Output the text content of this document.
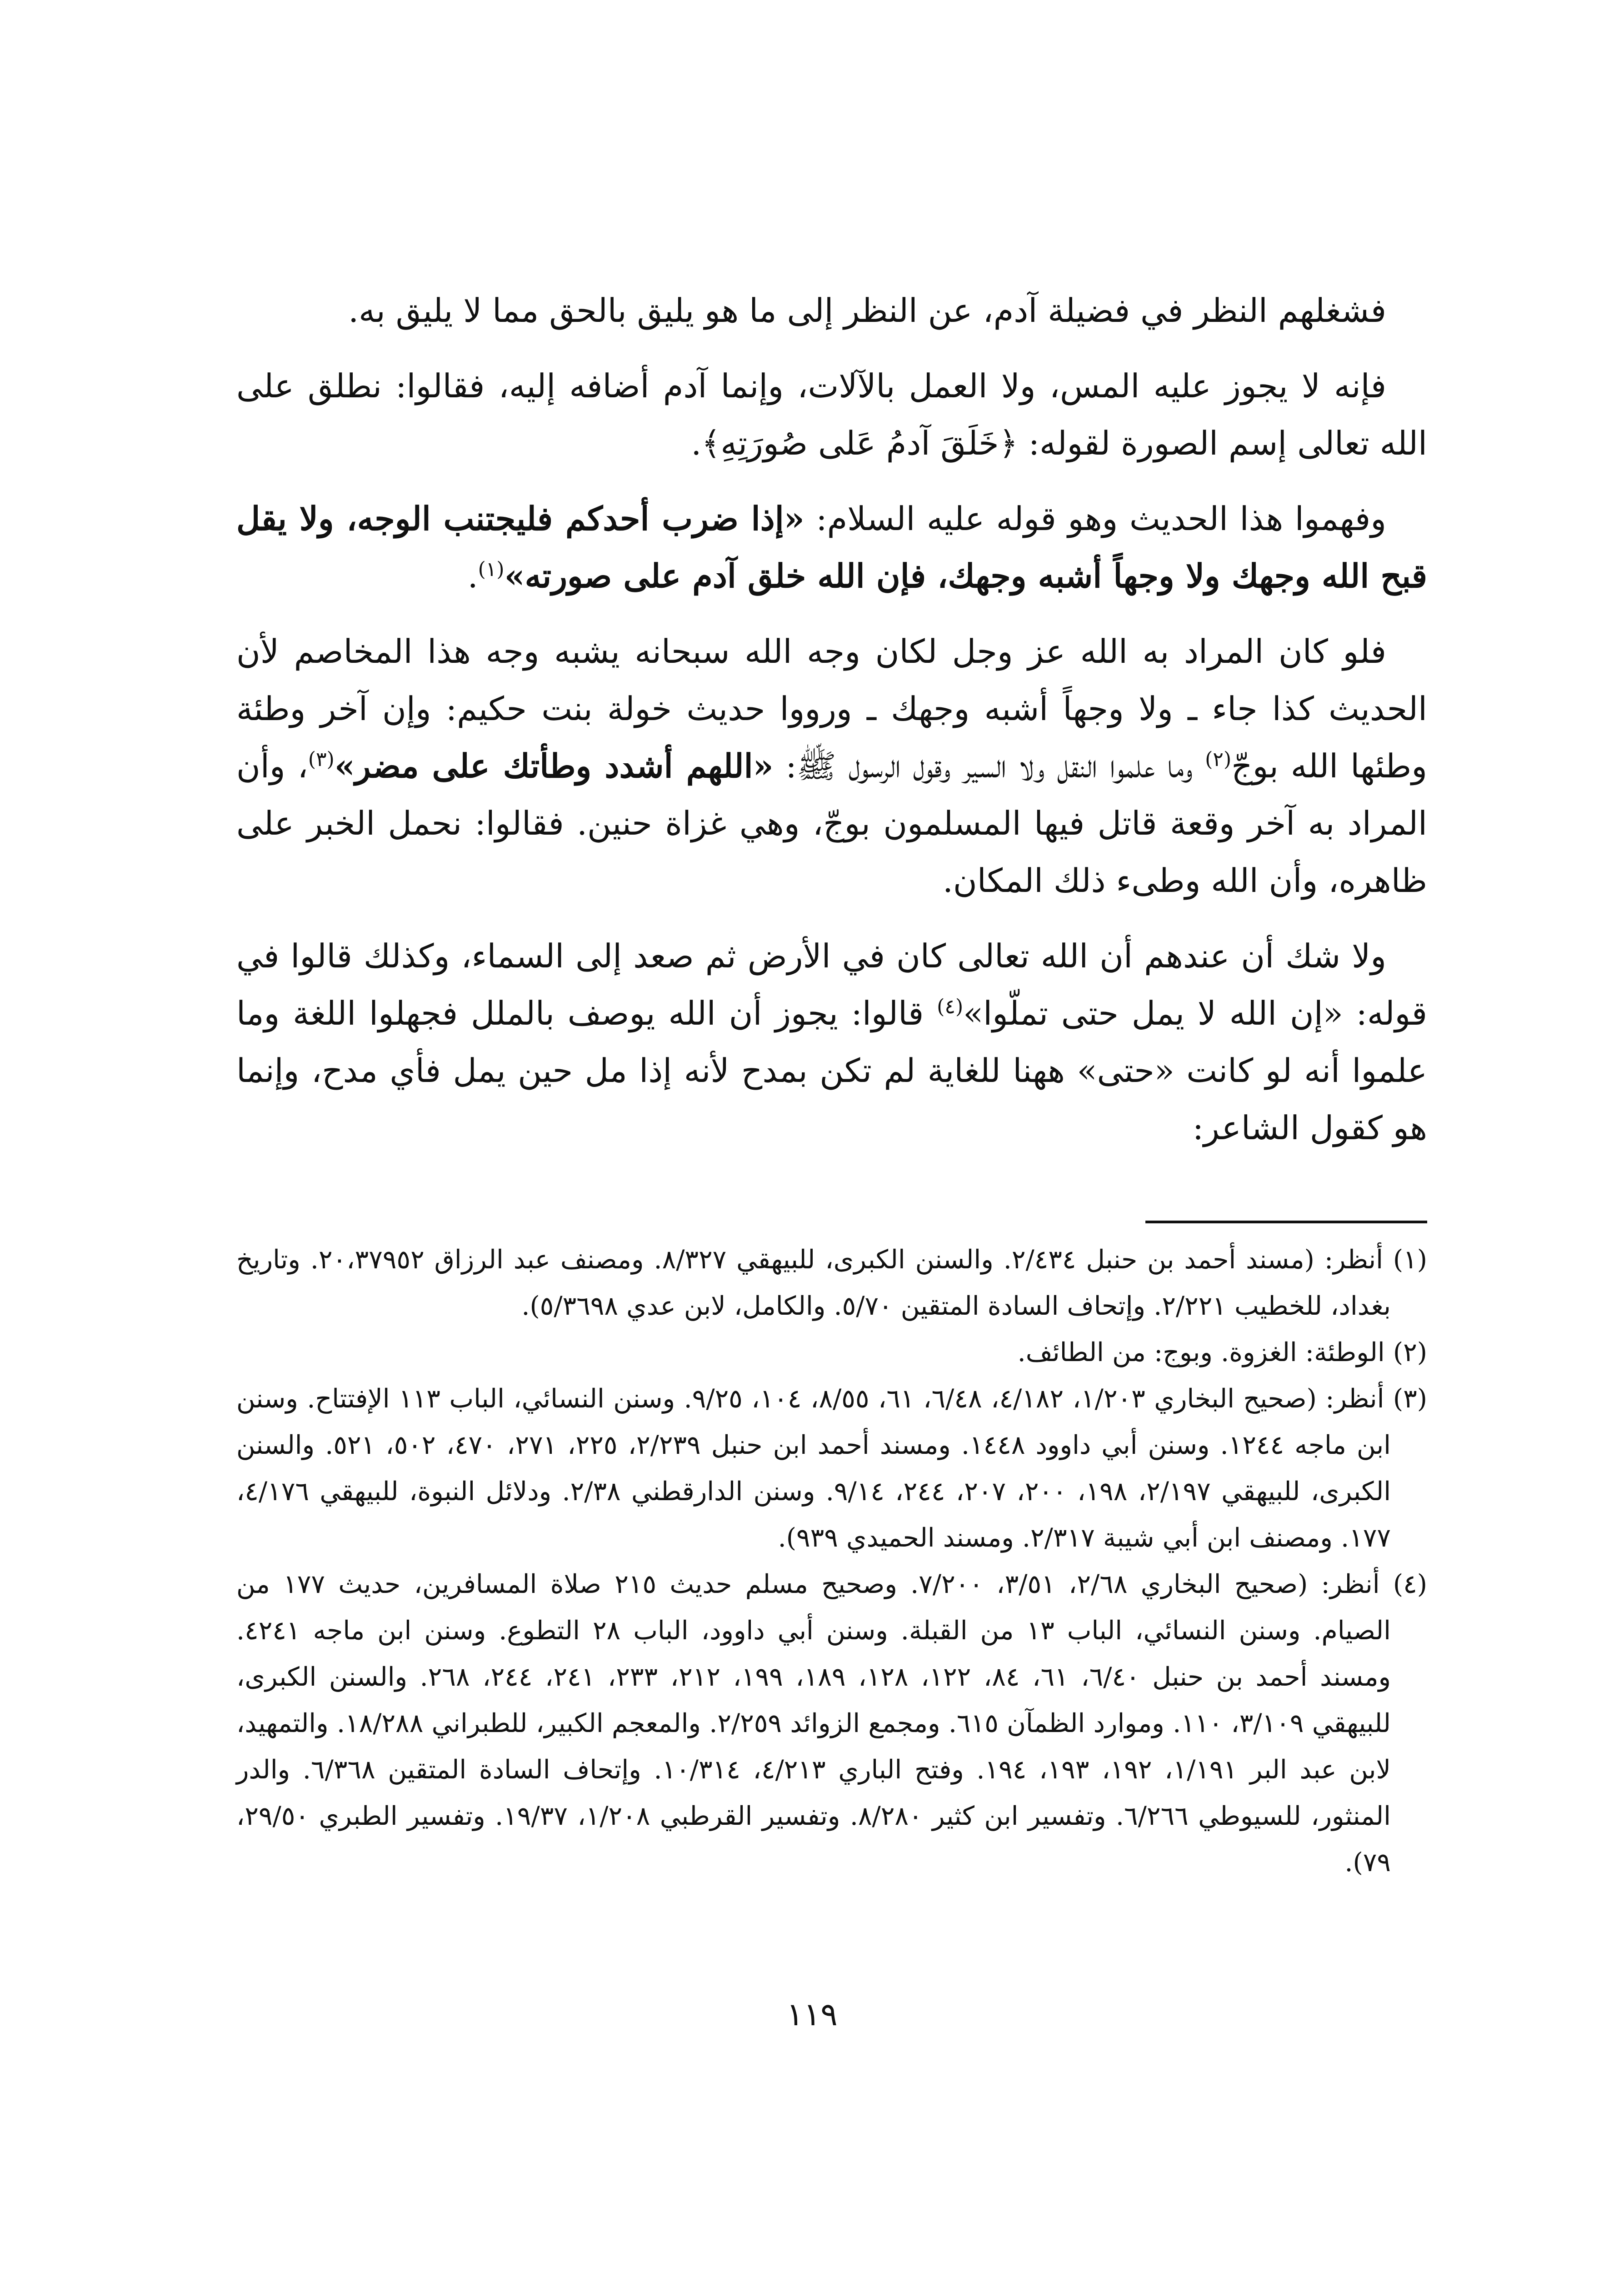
فشغلهم النظر في فضيلة آدم، عن النظر إلى ما هو يليق بالحق مما لا يليق به.

فإنه لا يجوز عليه المس، ولا العمل بالآلات، وإنما آدم أضافه إليه، فقالوا: نطلق على الله تعالى إسم الصورة لقوله: ﴿خَلَقَ آدمُ عَلى صُورَتِهِ﴾.

وفهموا هذا الحديث وهو قوله عليه السلام: «إذا ضرب أحدكم فليجتنب الوجه، ولا يقل قبح الله وجهك ولا وجهاً أشبه وجهك، فإن الله خلق آدم على صورته»$^{(١)}$.

فلو كان المراد به الله عز وجل لكان وجه الله سبحانه يشبه وجه هذا المخاصم لأن الحديث كذا جاء ـ ولا وجهاً أشبه وجهك ـ ورووا حديث خولة بنت حكيم: وإن آخر وطئة وطئها الله بوجّ$^{(٢)}$ وما علموا النقل ولا السير وقول الرسول ﷺ: «اللهم أشدد وطأتك على مضر»$^{(٣)}$، وأن المراد به آخر وقعة قاتل فيها المسلمون بوجّ، وهي غزاة حنين. فقالوا: نحمل الخبر على ظاهره، وأن الله وطىء ذلك المكان.

ولا شك أن عندهم أن الله تعالى كان في الأرض ثم صعد إلى السماء، وكذلك قالوا في قوله: «إن الله لا يمل حتى تملّوا»$^{(٤)}$ قالوا: يجوز أن الله يوصف بالملل فجهلوا اللغة وما علموا أنه لو كانت «حتى» ههنا للغاية لم تكن بمدح لأنه إذا مل حين يمل فأي مدح، وإنما هو كقول الشاعر:

(١) أنظر: (مسند أحمد بن حنبل ٢/٤٣٤. والسنن الكبرى، للبيهقي ٨/٣٢٧. ومصنف عبد الرزاق ٢٠،٣٧٩٥٢. وتاريخ بغداد، للخطيب ٢/٢٢١. وإتحاف السادة المتقين ٥/٧٠. والكامل، لابن عدي ٥/٣٦٩٨).

(٢) الوطئة: الغزوة. وبوج: من الطائف.

(٣) أنظر: (صحيح البخاري ١/٢٠٣، ٤/١٨٢، ٦/٤٨، ٦١، ٨/٥٥، ١٠٤، ٩/٢٥. وسنن النسائي، الباب ١١٣ الإفتتاح. وسنن ابن ماجه ١٢٤٤. وسنن أبي داوود ١٤٤٨. ومسند أحمد ابن حنبل ٢/٢٣٩، ٢٢٥، ٢٧١، ٤٧٠، ٥٠٢، ٥٢١. والسنن الكبرى، للبيهقي ٢/١٩٧، ١٩٨، ٢٠٠، ٢٠٧، ٢٤٤، ٩/١٤. وسنن الدارقطني ٢/٣٨. ودلائل النبوة، للبيهقي ٤/١٧٦، ١٧٧. ومصنف ابن أبي شيبة ٢/٣١٧. ومسند الحميدي ٩٣٩).

(٤) أنظر: (صحيح البخاري ٢/٦٨، ٣/٥١، ٧/٢٠٠. وصحيح مسلم حديث ٢١٥ صلاة المسافرين، حديث ١٧٧ من الصيام. وسنن النسائي، الباب ١٣ من القبلة. وسنن أبي داوود، الباب ٢٨ التطوع. وسنن ابن ماجه ٤٢٤١. ومسند أحمد بن حنبل ٦/٤٠، ٦١، ٨٤، ١٢٢، ١٢٨، ١٨٩، ١٩٩، ٢١٢، ٢٣٣، ٢٤١، ٢٤٤، ٢٦٨. والسنن الكبرى، للبيهقي ٣/١٠٩، ١١٠. وموارد الظمآن ٦١٥. ومجمع الزوائد ٢/٢٥٩. والمعجم الكبير، للطبراني ١٨/٢٨٨. والتمهيد، لابن عبد البر ١/١٩١، ١٩٢، ١٩٣، ١٩٤. وفتح الباري ٤/٢١٣، ١٠/٣١٤. وإتحاف السادة المتقين ٦/٣٦٨. والدر المنثور، للسيوطي ٦/٢٦٦. وتفسير ابن كثير ٨/٢٨٠. وتفسير القرطبي ١/٢٠٨، ١٩/٣٧. وتفسير الطبري ٢٩/٥٠، ٧٩).

١١٩
